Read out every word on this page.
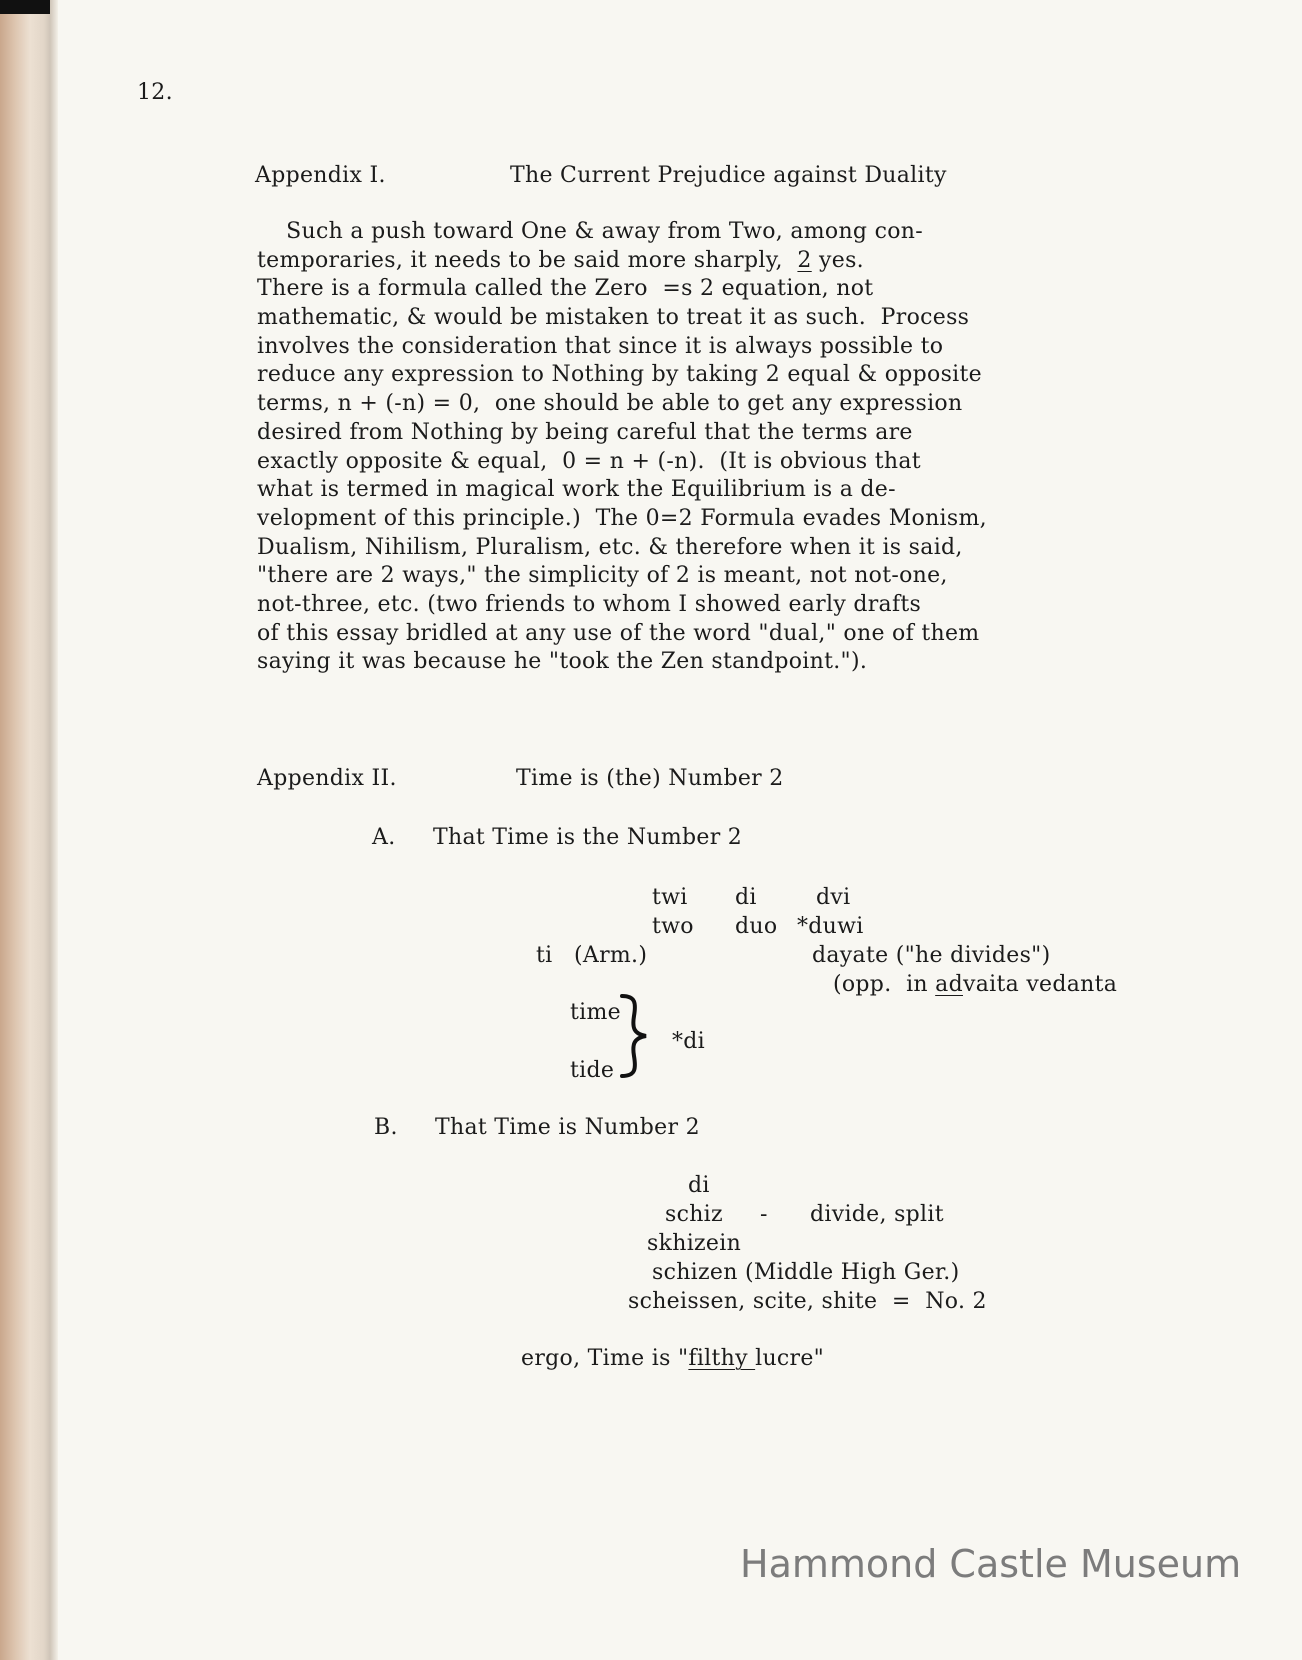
12.
Appendix I.	The Current Prejudice against Duality
Such a push toward One & away from Two, among con-
temporaries, it needs to be said more sharply, 2 yes.
There is a formula called the Zero  =s 2 equation, not
mathematic, & would be mistaken to treat it as such.  Process
involves the consideration that since it is always possible to
reduce any expression to Nothing by taking 2 equal & opposite
terms, n + (-n) = 0,  one should be able to get any expression
desired from Nothing by being careful that the terms are
exactly opposite & equal,  0 = n + (-n).  (It is obvious that
what is termed in magical work the Equilibrium is a de-
velopment of this principle.)  The 0=2 Formula evades Monism,
Dualism, Nihilism, Pluralism, etc. & therefore when it is said,
"there are 2 ways," the simplicity of 2 is meant, not not-one,
not-three, etc. (two friends to whom I showed early drafts
of this essay bridled at any use of the word "dual," one of them
saying it was because he "took the Zen standpoint.").
Appendix II.	Time is (the) Number 2
A. That Time is the Number 2
twi di	dvi
two duo *duwi
ti (Arm.)	dayate ("he divides")
(opp.  in advaita vedanta
time
tide
*di
B. That Time is Number 2
di
schiz - divide, split
skhizein
schizen (Middle High Ger.)
scheissen, scite, shite  =  No. 2
ergo, Time is "filthy lucre"
Hammond Castle Museum
